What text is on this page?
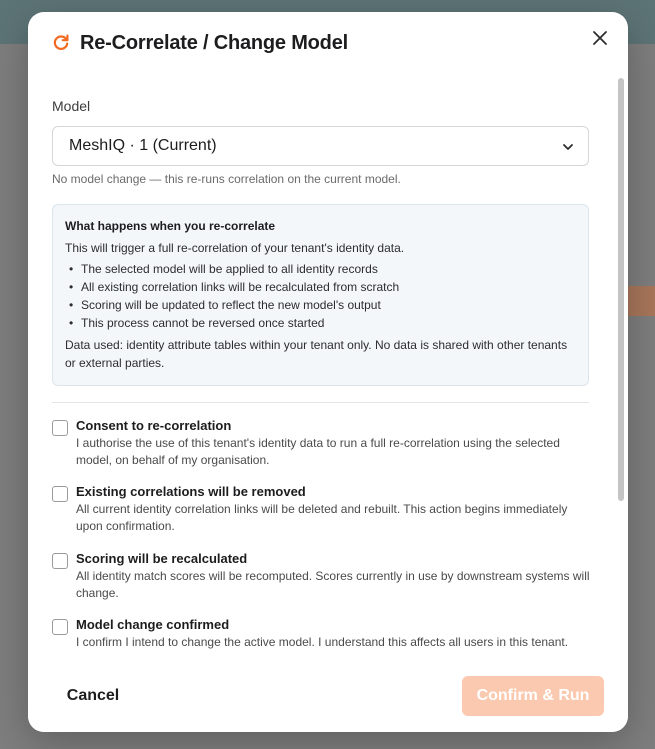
Re-Correlate / Change Model
Model
MeshIQ · 1 (Current)
No model change — this re-runs correlation on the current model.
What happens when you re-correlate
This will trigger a full re-correlation of your tenant's identity data.
• The selected model will be applied to all identity records
• All existing correlation links will be recalculated from scratch
• Scoring will be updated to reflect the new model's output
• This process cannot be reversed once started
Data used: identity attribute tables within your tenant only. No data is shared with other tenants or external parties.
Consent to re-correlation
I authorise the use of this tenant's identity data to run a full re-correlation using the selected model, on behalf of my organisation.
Existing correlations will be removed
All current identity correlation links will be deleted and rebuilt. This action begins immediately upon confirmation.
Scoring will be recalculated
All identity match scores will be recomputed. Scores currently in use by downstream systems will change.
Model change confirmed
I confirm I intend to change the active model. I understand this affects all users in this tenant.
Cancel	Confirm & Run
